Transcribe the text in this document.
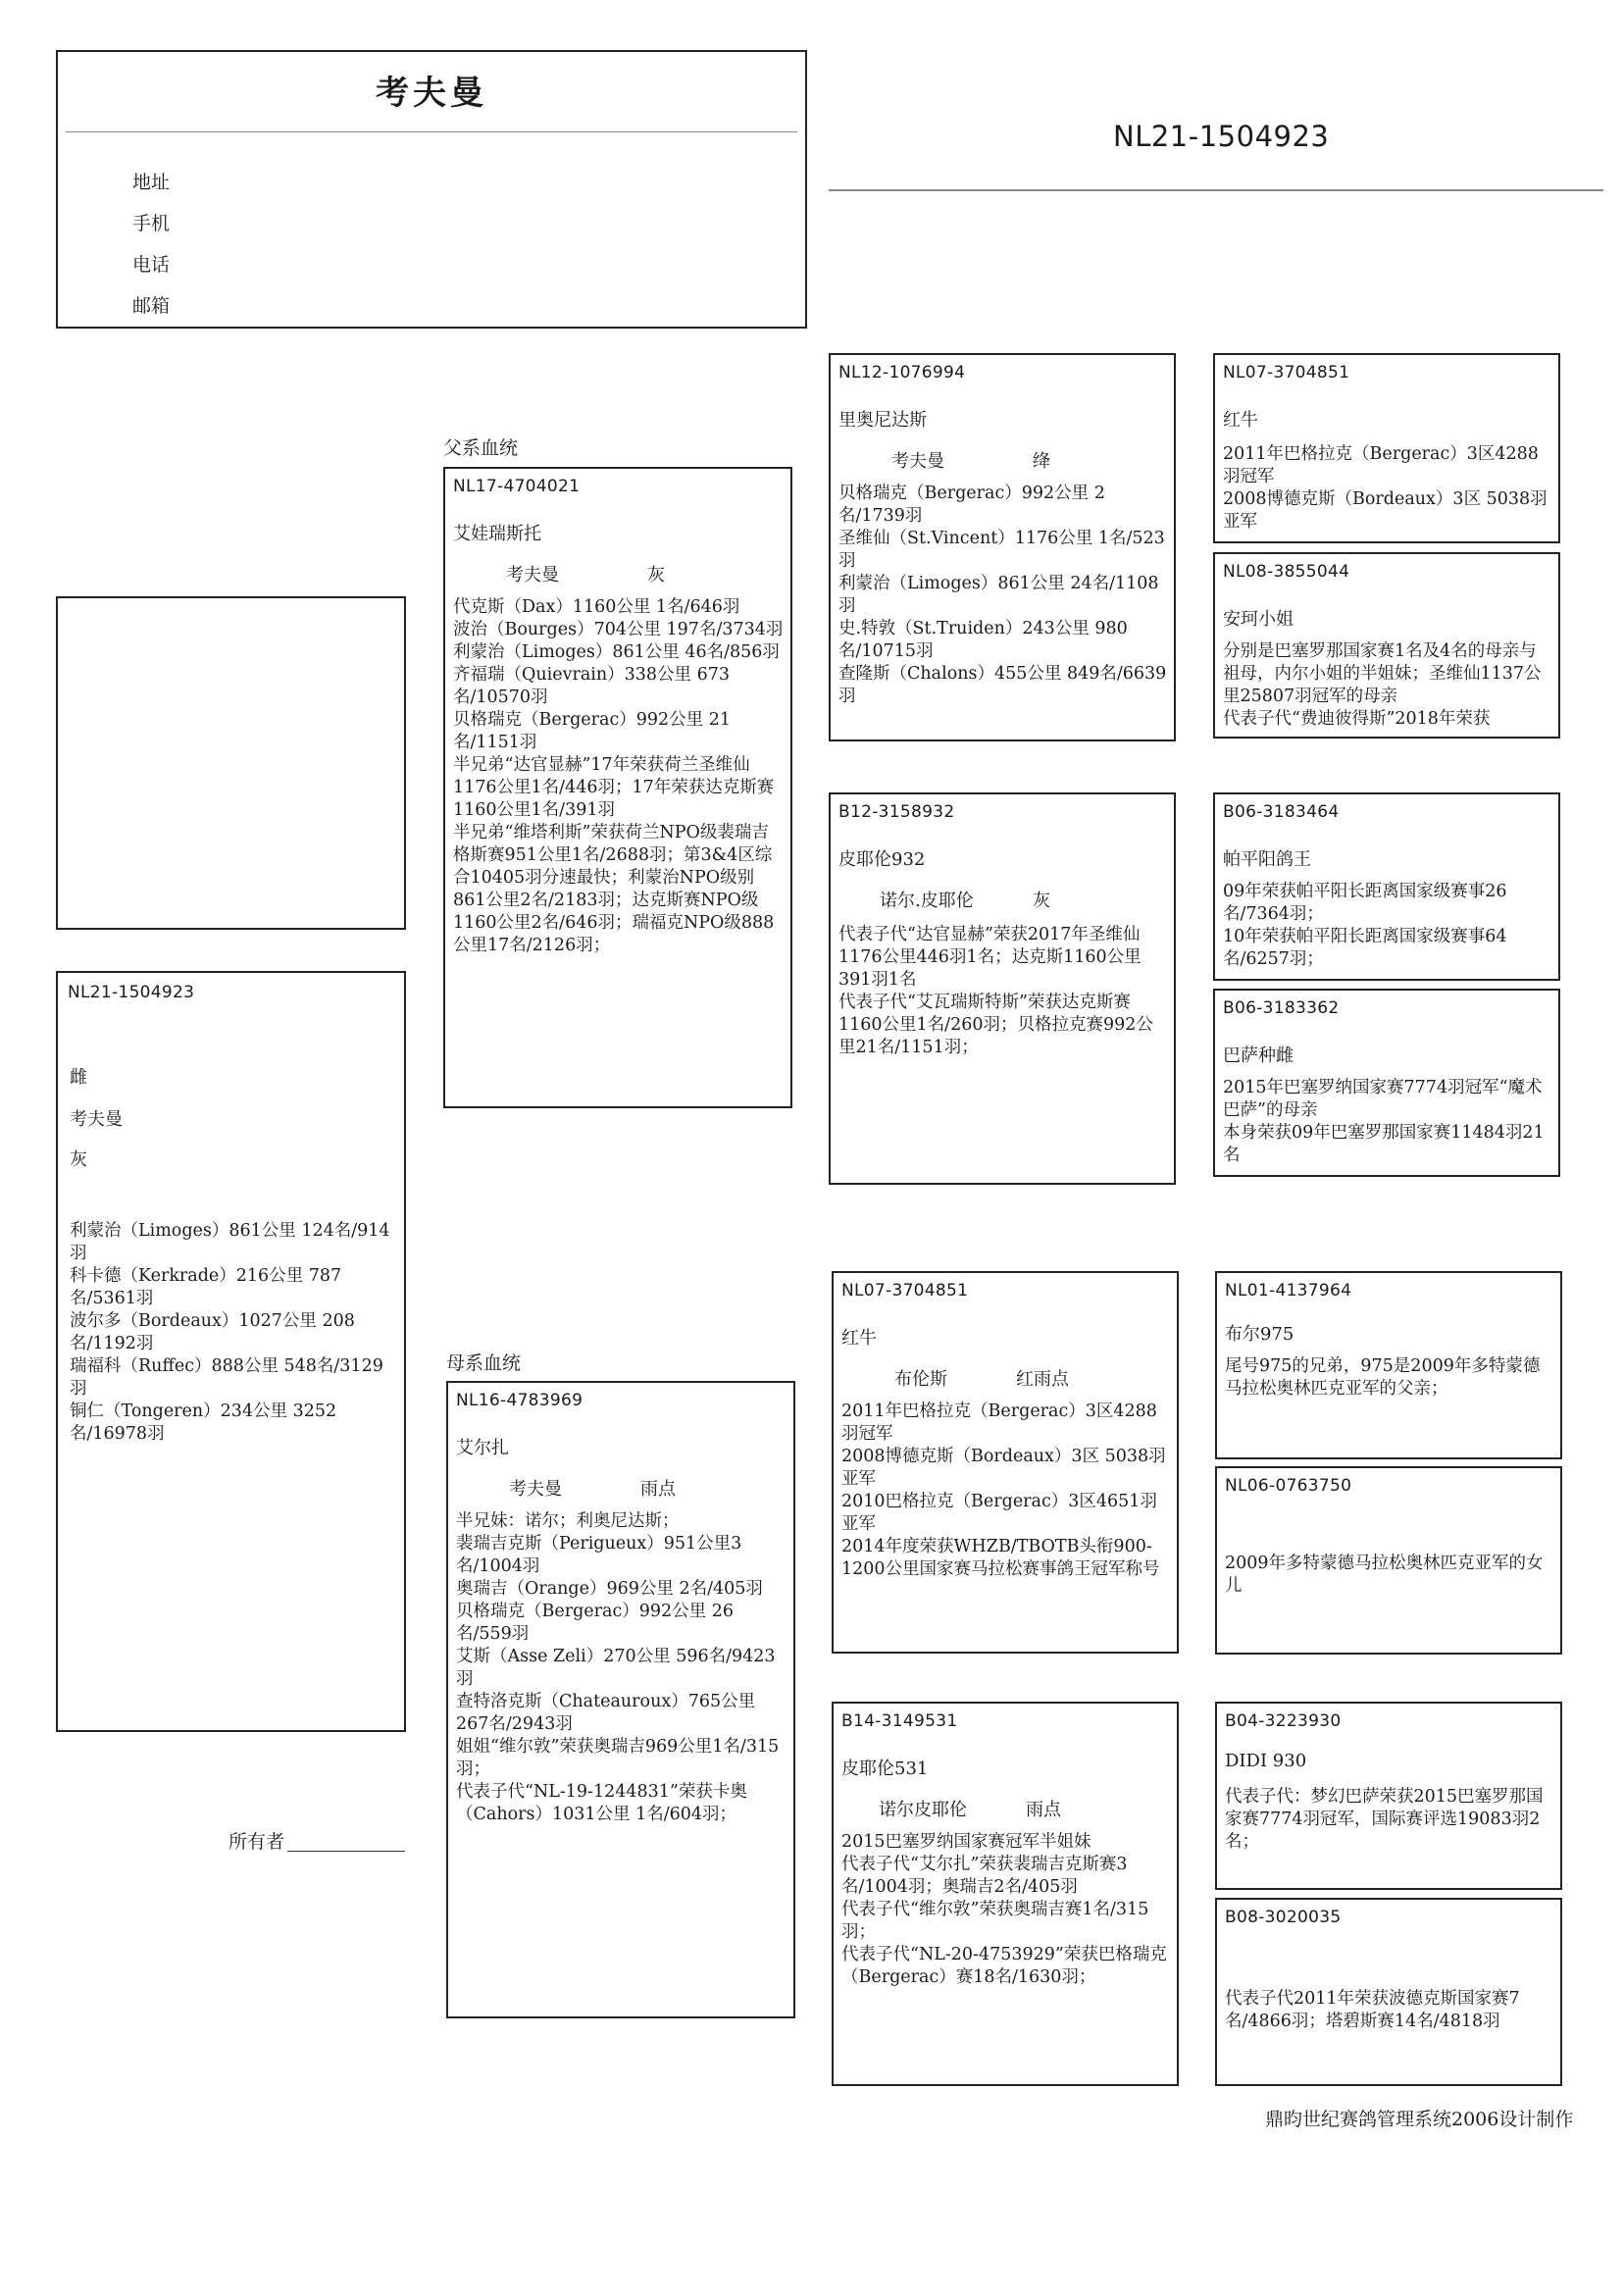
考夫曼
地址
手机
电话
邮箱
NL21-1504923
NL21-1504923
雌
考夫曼
灰
利蒙治（Limoges）861公里 124名/914羽
科卡德（Kerkrade）216公里 787名/5361羽
波尔多（Bordeaux）1027公里 208名/1192羽
瑞福科（Ruffec）888公里 548名/3129羽
铜仁（Tongeren）234公里 3252名/16978羽
所有者
父系血统
NL17-4704021
艾娃瑞斯托
考夫曼	灰
代克斯（Dax）1160公里 1名/646羽
波治（Bourges）704公里 197名/3734羽
利蒙治（Limoges）861公里 46名/856羽
齐福瑞（Quievrain）338公里 673名/10570羽
贝格瑞克（Bergerac）992公里 21名/1151羽
半兄弟“达官显赫”17年荣获荷兰圣维仙1176公里1名/446羽；17年荣获达克斯赛1160公里1名/391羽
半兄弟“维塔利斯”荣获荷兰NPO级裴瑞吉格斯赛951公里1名/2688羽；第3&4区综合10405羽分速最快；利蒙治NPO级别861公里2名/2183羽；达克斯赛NPO级1160公里2名/646羽；瑞福克NPO级888公里17名/2126羽；
母系血统
NL16-4783969
艾尔扎
考夫曼	雨点
半兄妹：诺尔；利奥尼达斯；
裴瑞吉克斯（Perigueux）951公里3名/1004羽
奥瑞吉（Orange）969公里 2名/405羽
贝格瑞克（Bergerac）992公里 26名/559羽
艾斯（Asse Zeli）270公里 596名/9423羽
查特洛克斯（Chateauroux）765公里 267名/2943羽
姐姐“维尔敦”荣获奥瑞吉969公里1名/315羽；
代表子代“NL-19-1244831”荣获卡奥（Cahors）1031公里 1名/604羽；
NL12-1076994
里奥尼达斯
考夫曼	绛
贝格瑞克（Bergerac）992公里 2名/1739羽
圣维仙（St.Vincent）1176公里 1名/523羽
利蒙治（Limoges）861公里 24名/1108羽
史.特敦（St.Truiden）243公里 980名/10715羽
查隆斯（Chalons）455公里 849名/6639羽
B12-3158932
皮耶伦932
诺尔.皮耶伦	灰
代表子代“达官显赫”荣获2017年圣维仙1176公里446羽1名；达克斯1160公里391羽1名
代表子代“艾瓦瑞斯特斯”荣获达克斯赛1160公里1名/260羽；贝格拉克赛992公里21名/1151羽；
NL07-3704851
红牛
布伦斯	红雨点
2011年巴格拉克（Bergerac）3区4288羽冠军
2008博德克斯（Bordeaux）3区 5038羽 亚军
2010巴格拉克（Bergerac）3区4651羽亚军
2014年度荣获WHZB/TBOTB头衔900-1200公里国家赛马拉松赛事鸽王冠军称号
B14-3149531
皮耶伦531
诺尔皮耶伦	雨点
2015巴塞罗纳国家赛冠军半姐妹
代表子代“艾尔扎”荣获裴瑞吉克斯赛3名/1004羽；奥瑞吉2名/405羽
代表子代“维尔敦”荣获奥瑞吉赛1名/315羽；
代表子代“NL-20-4753929”荣获巴格瑞克（Bergerac）赛18名/1630羽；
NL07-3704851
红牛
2011年巴格拉克（Bergerac）3区4288羽冠军
2008博德克斯（Bordeaux）3区 5038羽 亚军
NL08-3855044
安珂小姐
分别是巴塞罗那国家赛1名及4名的母亲与祖母，内尔小姐的半姐妹；圣维仙1137公里25807羽冠军的母亲
代表子代“费迪彼得斯”2018年荣获
B06-3183464
帕平阳鸽王
09年荣获帕平阳长距离国家级赛事26名/7364羽；
10年荣获帕平阳长距离国家级赛事64名/6257羽；
B06-3183362
巴萨种雌
2015年巴塞罗纳国家赛7774羽冠军“魔术巴萨”的母亲
本身荣获09年巴塞罗那国家赛11484羽21名
NL01-4137964
布尔975
尾号975的兄弟，975是2009年多特蒙德马拉松奥林匹克亚军的父亲；
NL06-0763750
2009年多特蒙德马拉松奥林匹克亚军的女儿
B04-3223930
DIDI 930
代表子代：梦幻巴萨荣获2015巴塞罗那国家赛7774羽冠军，国际赛评选19083羽2名；
B08-3020035
代表子代2011年荣获波德克斯国家赛7名/4866羽；塔碧斯赛14名/4818羽
鼎昀世纪赛鸽管理系统2006设计制作
